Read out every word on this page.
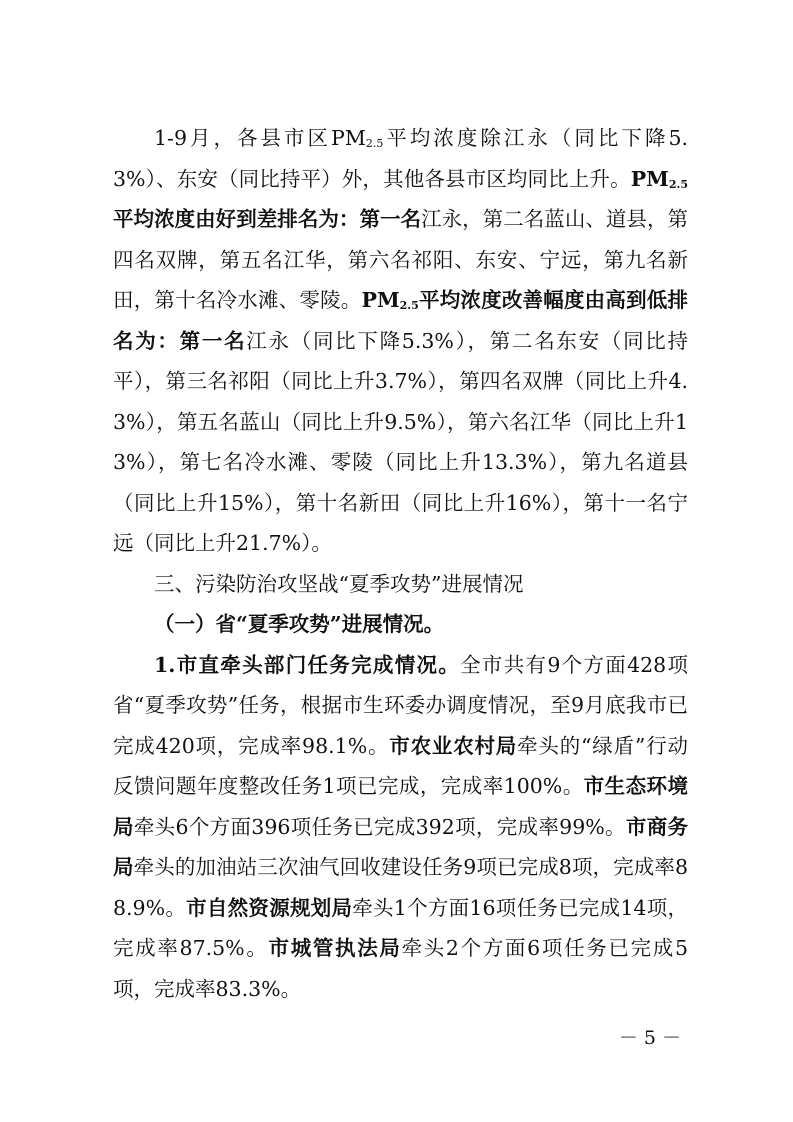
1-9月，各县市区$PM_{2.5}$平均浓度除江永（同比下降5.3%）、东安（同比持平）外，其他各县市区均同比上升。$PM_{2.5}$平均浓度由好到差排名为：第一名江永，第二名蓝山、道县，第四名双牌，第五名江华，第六名祁阳、东安、宁远，第九名新田，第十名冷水滩、零陵。$PM_{2.5}$平均浓度改善幅度由高到低排名为：第一名江永（同比下降5.3%），第二名东安（同比持平），第三名祁阳（同比上升3.7%），第四名双牌（同比上升4.3%），第五名蓝山（同比上升9.5%），第六名江华（同比上升13%），第七名冷水滩、零陵（同比上升13.3%），第九名道县（同比上升15%），第十名新田（同比上升16%），第十一名宁远（同比上升21.7%）。

三、污染防治攻坚战“夏季攻势”进展情况

（一）省“夏季攻势”进展情况。

1.市直牵头部门任务完成情况。全市共有9个方面428项省“夏季攻势”任务，根据市生环委办调度情况，至9月底我市已完成420项，完成率98.1%。市农业农村局牵头的“绿盾”行动反馈问题年度整改任务1项已完成，完成率100%。市生态环境局牵头6个方面396项任务已完成392项，完成率99%。市商务局牵头的加油站三次油气回收建设任务9项已完成8项，完成率88.9%。市自然资源规划局牵头1个方面16项任务已完成14项，完成率87.5%。市城管执法局牵头2个方面6项任务已完成5项，完成率83.3%。

－ 5 －
